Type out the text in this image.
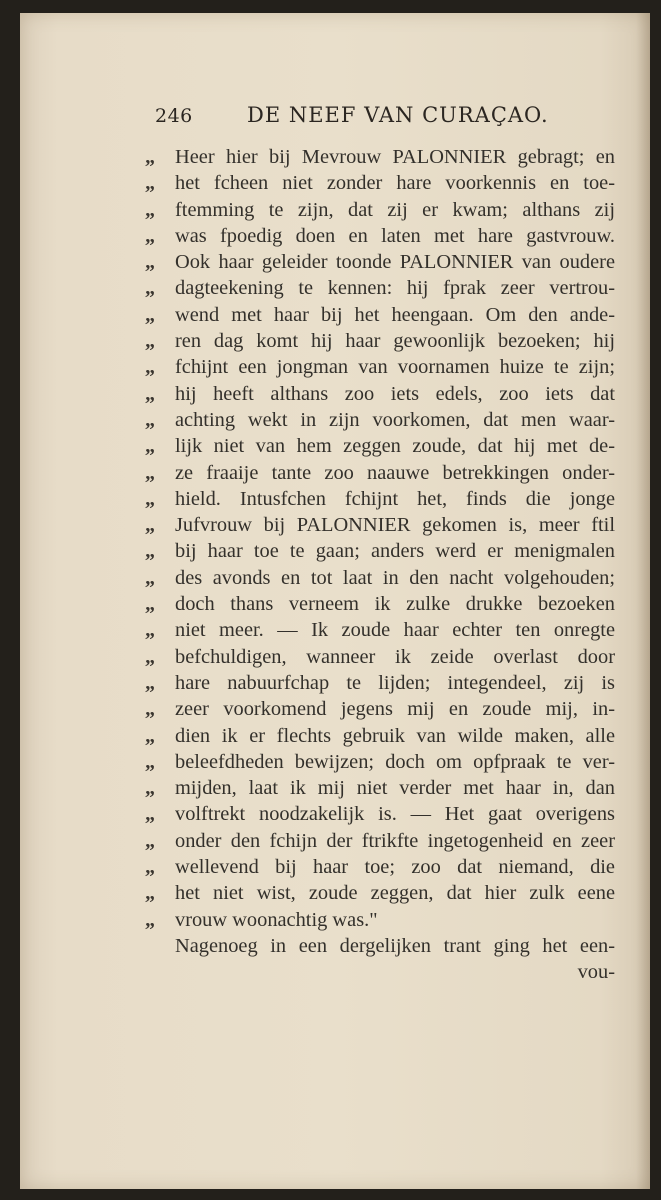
246	DE NEEF VAN CURAÇAO.
„ Heer hier bij Mevrouw PALONNIER gebragt; en
„ het fcheen niet zonder hare voorkennis en toe-
„ ftemming te zijn, dat zij er kwam; althans zij
„ was fpoedig doen en laten met hare gastvrouw.
„ Ook haar geleider toonde PALONNIER van oudere
„ dagteekening te kennen: hij fprak zeer vertrou-
„ wend met haar bij het heengaan. Om den ande-
„ ren dag komt hij haar gewoonlijk bezoeken; hij
„ fchijnt een jongman van voornamen huize te zijn;
„ hij heeft althans zoo iets edels, zoo iets dat
„ achting wekt in zijn voorkomen, dat men waar-
„ lijk niet van hem zeggen zoude, dat hij met de-
„ ze fraaije tante zoo naauwe betrekkingen onder-
„ hield. Intusfchen fchijnt het, finds die jonge
„ Jufvrouw bij PALONNIER gekomen is, meer ftil
„ bij haar toe te gaan; anders werd er menigmalen
„ des avonds en tot laat in den nacht volgehouden;
„ doch thans verneem ik zulke drukke bezoeken
„ niet meer. — Ik zoude haar echter ten onregte
„ befchuldigen, wanneer ik zeide overlast door
„ hare nabuurfchap te lijden; integendeel, zij is
„ zeer voorkomend jegens mij en zoude mij, in-
„ dien ik er flechts gebruik van wilde maken, alle
„ beleefdheden bewijzen; doch om opfpraak te ver-
„ mijden, laat ik mij niet verder met haar in, dan
„ volftrekt noodzakelijk is. — Het gaat overigens
„ onder den fchijn der ftrikfte ingetogenheid en zeer
„ wellevend bij haar toe; zoo dat niemand, die
„ het niet wist, zoude zeggen, dat hier zulk eene
„ vrouw woonachtig was."
Nagenoeg in een dergelijken trant ging het een-
vou-
